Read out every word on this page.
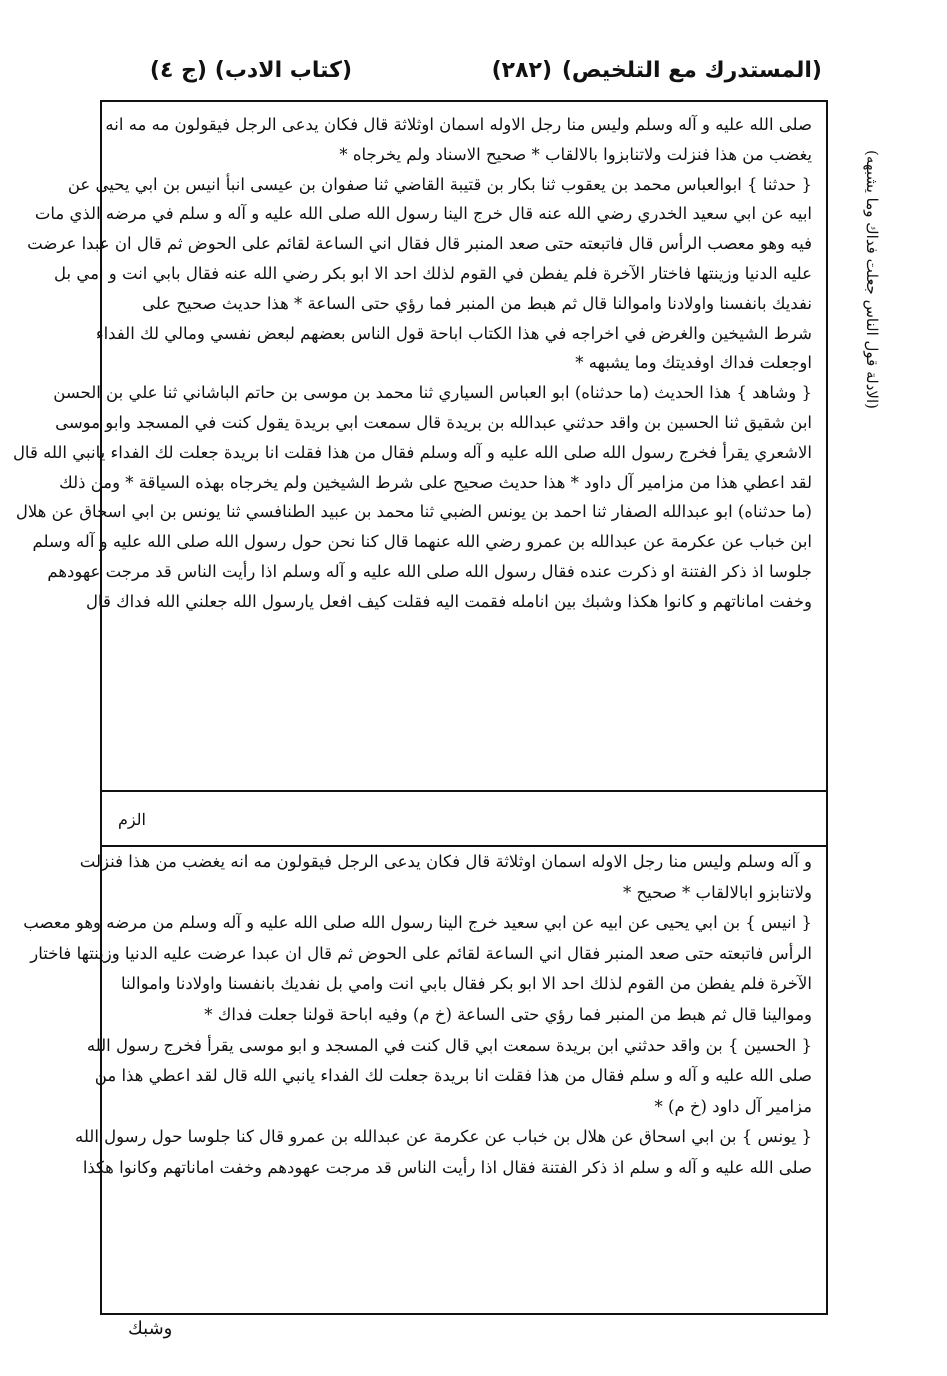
(المستدرك مع التلخيص)
(٢٨٢)
(كتاب الادب)
(ج ٤)
(الادلة قول الناس جعلت فداك وما يشبهه)
صلى الله عليه و آله وسلم وليس منا رجل الاوله اسمان اوثلاثة قال فكان يدعى الرجل فيقولون مه مه انه
يغضب من هذا فنزلت ولاتنابزوا بالالقاب * صحيح الاسناد ولم يخرجاه *
{ حدثنا } ابوالعباس محمد بن يعقوب ثنا بكار بن قتيبة القاضي ثنا صفوان بن عيسى انبأ انيس بن ابي يحيى عن
ابيه عن ابي سعيد الخدري رضي الله عنه قال خرج الينا رسول الله صلى الله عليه و آله و سلم في مرضه الذي مات
فيه وهو معصب الرأس قال فاتبعته حتى صعد المنبر قال فقال اني الساعة لقائم على الحوض ثم قال ان عبدا عرضت
عليه الدنيا وزينتها فاختار الآخرة فلم يفطن في القوم لذلك احد الا ابو بكر رضي الله عنه فقال بابي انت و امي بل
نفديك بانفسنا واولادنا واموالنا قال ثم هبط من المنبر فما رؤي حتى الساعة * هذا حديث صحيح على
شرط الشيخين والغرض في اخراجه في هذا الكتاب اباحة قول الناس بعضهم لبعض نفسي ومالي لك الفداء
اوجعلت فداك اوفديتك وما يشبهه *
{ وشاهد } هذا الحديث (ما حدثناه) ابو العباس السياري ثنا محمد بن موسى بن حاتم الباشاني ثنا علي بن الحسن
ابن شقيق ثنا الحسين بن واقد حدثني عبدالله بن بريدة قال سمعت ابي بريدة يقول كنت في المسجد وابو موسى
الاشعري يقرأ فخرج رسول الله صلى الله عليه و آله وسلم فقال من هذا فقلت انا بريدة جعلت لك الفداء يانبي الله قال
لقد اعطي هذا من مزامير آل داود * هذا حديث صحيح على شرط الشيخين ولم يخرجاه بهذه السياقة * ومن ذلك
(ما حدثناه) ابو عبدالله الصفار ثنا احمد بن يونس الضبي ثنا محمد بن عبيد الطنافسي ثنا يونس بن ابي اسحاق عن هلال
ابن خباب عن عكرمة عن عبدالله بن عمرو رضي الله عنهما قال كنا نحن حول رسول الله صلى الله عليه و آله وسلم
جلوسا اذ ذكر الفتنة او ذكرت عنده فقال رسول الله صلى الله عليه و آله وسلم اذا رأيت الناس قد مرجت عهودهم
وخفت اماناتهم و كانوا هكذا وشبك بين انامله فقمت اليه فقلت كيف افعل يارسول الله جعلني الله فداك قال
الزم
و آله وسلم وليس منا رجل الاوله اسمان اوثلاثة قال فكان يدعى الرجل فيقولون مه انه يغضب من هذا فنزلت
ولاتنابزو ابالالقاب * صحيح *
{ انيس } بن ابي يحيى عن ابيه عن ابي سعيد خرج الينا رسول الله صلى الله عليه و آله وسلم من مرضه وهو معصب
الرأس فاتبعته حتى صعد المنبر فقال اني الساعة لقائم على الحوض ثم قال ان عبدا عرضت عليه الدنيا وزينتها فاختار
الآخرة فلم يفطن من القوم لذلك احد الا ابو بكر فقال بابي انت وامي بل نفديك بانفسنا واولادنا واموالنا
وموالينا قال ثم هبط من المنبر فما رؤي حتى الساعة (خ م) وفيه اباحة قولنا جعلت فداك *
{ الحسين } بن واقد حدثني ابن بريدة سمعت ابي قال كنت في المسجد و ابو موسى يقرأ فخرج رسول الله
صلى الله عليه و آله و سلم فقال من هذا فقلت انا بريدة جعلت لك الفداء يانبي الله قال لقد اعطي هذا من
مزامير آل داود (خ م) *
{ يونس } بن ابي اسحاق عن هلال بن خباب عن عكرمة عن عبدالله بن عمرو قال كنا جلوسا حول رسول الله
صلى الله عليه و آله و سلم اذ ذكر الفتنة فقال اذا رأيت الناس قد مرجت عهودهم وخفت اماناتهم وكانوا هكذا
وشبك
